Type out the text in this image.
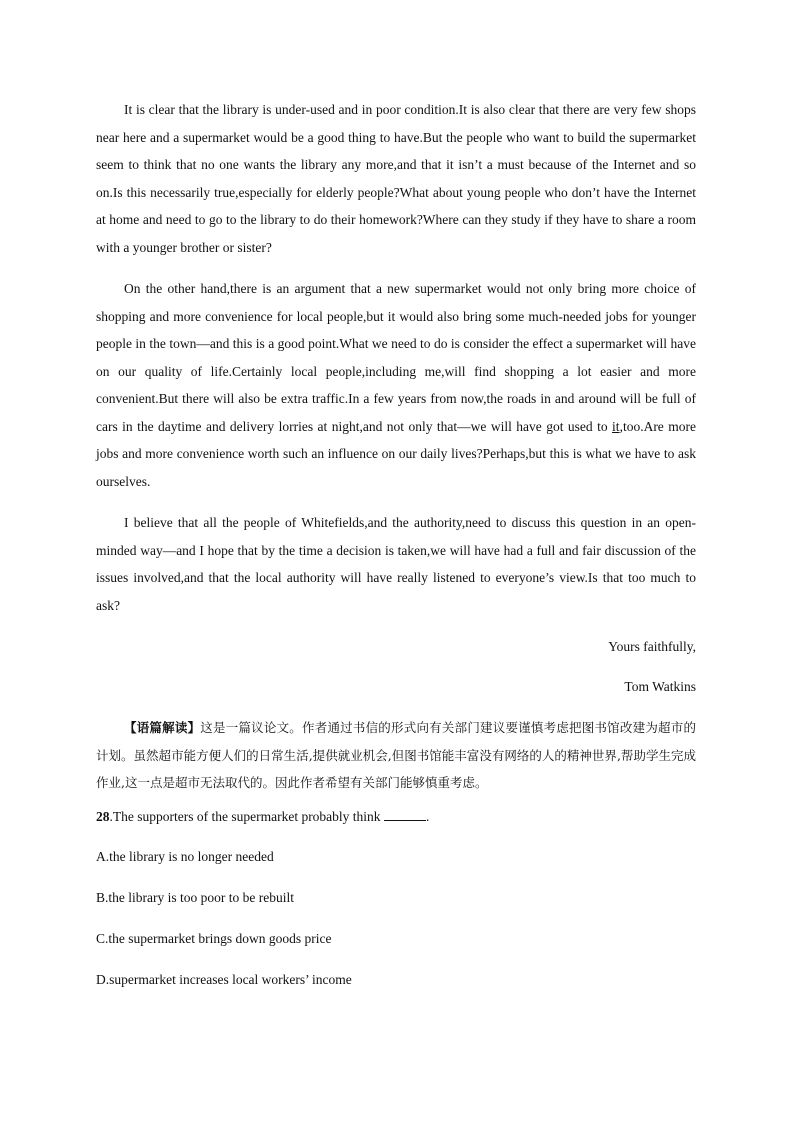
It is clear that the library is under-used and in poor condition.It is also clear that there are very few shops near here and a supermarket would be a good thing to have.But the people who want to build the supermarket seem to think that no one wants the library any more,and that it isn’t a must because of the Internet and so on.Is this necessarily true,especially for elderly people?What about young people who don’t have the Internet at home and need to go to the library to do their homework?Where can they study if they have to share a room with a younger brother or sister?

On the other hand,there is an argument that a new supermarket would not only bring more choice of shopping and more convenience for local people,but it would also bring some much-needed jobs for younger people in the town—and this is a good point.What we need to do is consider the effect a supermarket will have on our quality of life.Certainly local people,including me,will find shopping a lot easier and more convenient.But there will also be extra traffic.In a few years from now,the roads in and around will be full of cars in the daytime and delivery lorries at night,and not only that—we will have got used to it,too.Are more jobs and more convenience worth such an influence on our daily lives?Perhaps,but this is what we have to ask ourselves.

I believe that all the people of Whitefields,and the authority,need to discuss this question in an open-minded way—and I hope that by the time a decision is taken,we will have had a full and fair discussion of the issues involved,and that the local authority will have really listened to everyone’s view.Is that too much to ask?

Yours faithfully,

Tom Watkins

【语篇解读】这是一篇议论文。作者通过书信的形式向有关部门建议要谨慎考虑把图书馆改建为超市的计划。虽然超市能方便人们的日常生活,提供就业机会,但图书馆能丰富没有网络的人的精神世界,帮助学生完成作业,这一点是超市无法取代的。因此作者希望有关部门能够慎重考虑。

28.The supporters of the supermarket probably think	.

A.the library is no longer needed

B.the library is too poor to be rebuilt

C.the supermarket brings down goods price

D.supermarket increases local workers’ income
